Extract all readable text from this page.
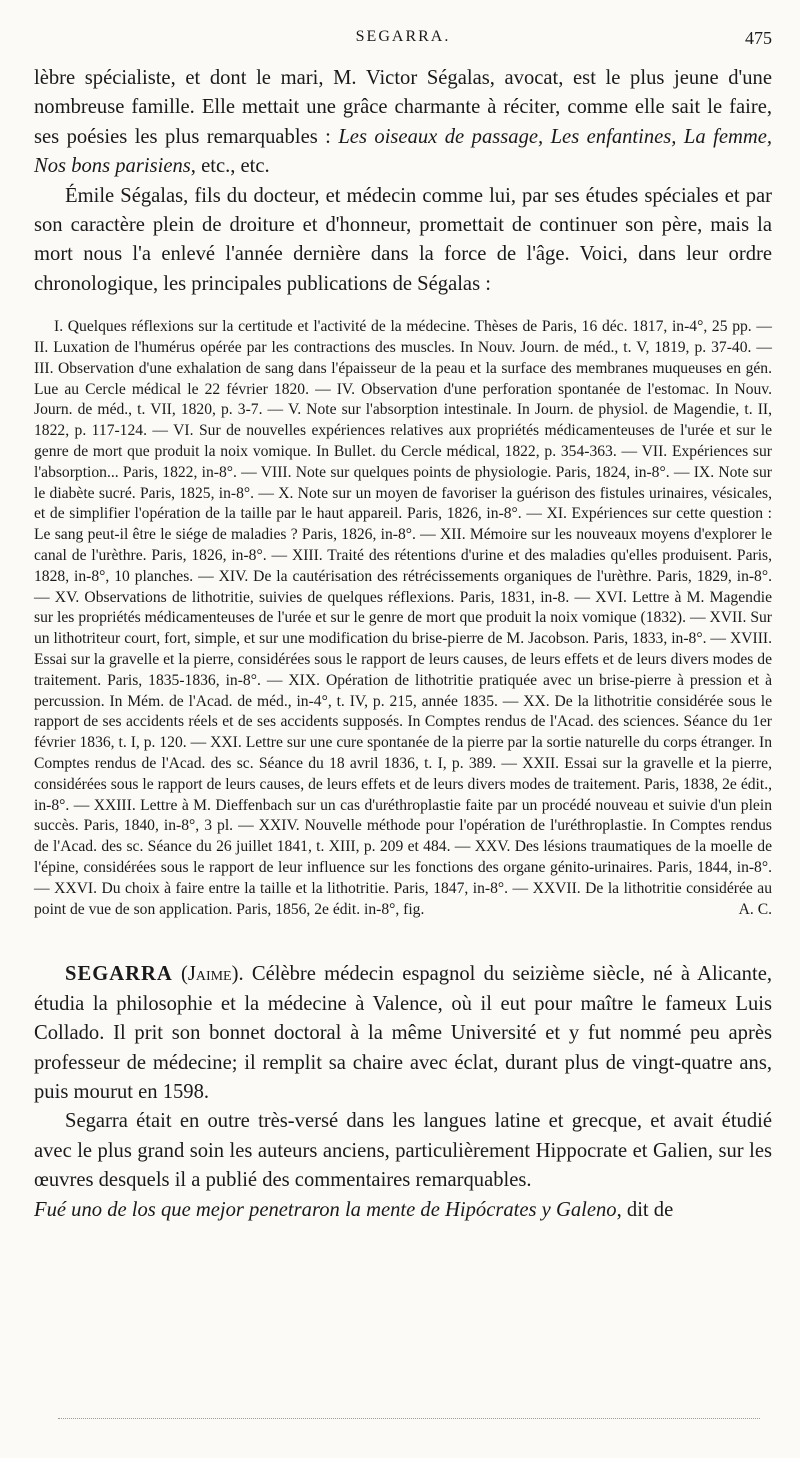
SEGARRA.	475

lèbre spécialiste, et dont le mari, M. Victor Ségalas, avocat, est le plus jeune d'une nombreuse famille. Elle mettait une grâce charmante à réciter, comme elle sait le faire, ses poésies les plus remarquables : Les oiseaux de passage, Les enfantines, La femme, Nos bons parisiens, etc., etc.

Émile Ségalas, fils du docteur, et médecin comme lui, par ses études spéciales et par son caractère plein de droiture et d'honneur, promettait de continuer son père, mais la mort nous l'a enlevé l'année dernière dans la force de l'âge. Voici, dans leur ordre chronologique, les principales publications de Ségalas :

I. Quelques réflexions sur la certitude et l'activité de la médecine. Thèses de Paris, 16 déc. 1817, in-4°, 25 pp. — II. Luxation de l'humérus opérée par les contractions des muscles. In Nouv. Journ. de méd., t. V, 1819, p. 37-40. — III. Observation d'une exhalation de sang dans l'épaisseur de la peau et la surface des membranes muqueuses en gén. Lue au Cercle médical le 22 février 1820. — IV. Observation d'une perforation spontanée de l'estomac. In Nouv. Journ. de méd., t. VII, 1820, p. 3-7. — V. Note sur l'absorption intestinale. In Journ. de physiol. de Magendie, t. II, 1822, p. 117-124. — VI. Sur de nouvelles expériences relatives aux propriétés médicamenteuses de l'urée et sur le genre de mort que produit la noix vomique. In Bullet. du Cercle médical, 1822, p. 354-363. — VII. Expériences sur l'absorption... Paris, 1822, in-8°. — VIII. Note sur quelques points de physiologie. Paris, 1824, in-8°. — IX. Note sur le diabète sucré. Paris, 1825, in-8°. — X. Note sur un moyen de favoriser la guérison des fistules urinaires, vésicales, et de simplifier l'opération de la taille par le haut appareil. Paris, 1826, in-8°. — XI. Expériences sur cette question : Le sang peut-il être le siége de maladies ? Paris, 1826, in-8°. — XII. Mémoire sur les nouveaux moyens d'explorer le canal de l'urèthre. Paris, 1826, in-8°. — XIII. Traité des rétentions d'urine et des maladies qu'elles produisent. Paris, 1828, in-8°, 10 planches. — XIV. De la cautérisation des rétrécissements organiques de l'urèthre. Paris, 1829, in-8°. — XV. Observations de lithotritie, suivies de quelques réflexions. Paris, 1831, in-8. — XVI. Lettre à M. Magendie sur les propriétés médicamenteuses de l'urée et sur le genre de mort que produit la noix vomique (1832). — XVII. Sur un lithotriteur court, fort, simple, et sur une modification du brise-pierre de M. Jacobson. Paris, 1833, in-8°. — XVIII. Essai sur la gravelle et la pierre, considérées sous le rapport de leurs causes, de leurs effets et de leurs divers modes de traitement. Paris, 1835-1836, in-8°. — XIX. Opération de lithotritie pratiquée avec un brise-pierre à pression et à percussion. In Mém. de l'Acad. de méd., in-4°, t. IV, p. 215, année 1835. — XX. De la lithotritie considérée sous le rapport de ses accidents réels et de ses accidents supposés. In Comptes rendus de l'Acad. des sciences. Séance du 1er février 1836, t. I, p. 120. — XXI. Lettre sur une cure spontanée de la pierre par la sortie naturelle du corps étranger. In Comptes rendus de l'Acad. des sc. Séance du 18 avril 1836, t. I, p. 389. — XXII. Essai sur la gravelle et la pierre, considérées sous le rapport de leurs causes, de leurs effets et de leurs divers modes de traitement. Paris, 1838, 2e édit., in-8°. — XXIII. Lettre à M. Dieffenbach sur un cas d'uréthroplastie faite par un procédé nouveau et suivie d'un plein succès. Paris, 1840, in-8°, 3 pl. — XXIV. Nouvelle méthode pour l'opération de l'uréthroplastie. In Comptes rendus de l'Acad. des sc. Séance du 26 juillet 1841, t. XIII, p. 209 et 484. — XXV. Des lésions traumatiques de la moelle de l'épine, considérées sous le rapport de leur influence sur les fonctions des organe génito-urinaires. Paris, 1844, in-8°. — XXVI. Du choix à faire entre la taille et la lithotritie. Paris, 1847, in-8°. — XXVII. De la lithotritie considérée au point de vue de son application. Paris, 1856, 2e édit. in-8°, fig.	A. C.

SEGARRA (Jaime). Célèbre médecin espagnol du seizième siècle, né à Alicante, étudia la philosophie et la médecine à Valence, où il eut pour maître le fameux Luis Collado. Il prit son bonnet doctoral à la même Université et y fut nommé peu après professeur de médecine; il remplit sa chaire avec éclat, durant plus de vingt-quatre ans, puis mourut en 1598.

Segarra était en outre très-versé dans les langues latine et grecque, et avait étudié avec le plus grand soin les auteurs anciens, particulièrement Hippocrate et Galien, sur les œuvres desquels il a publié des commentaires remarquables.

Fué uno de los que mejor penetraron la mente de Hipócrates y Galeno, dit de
